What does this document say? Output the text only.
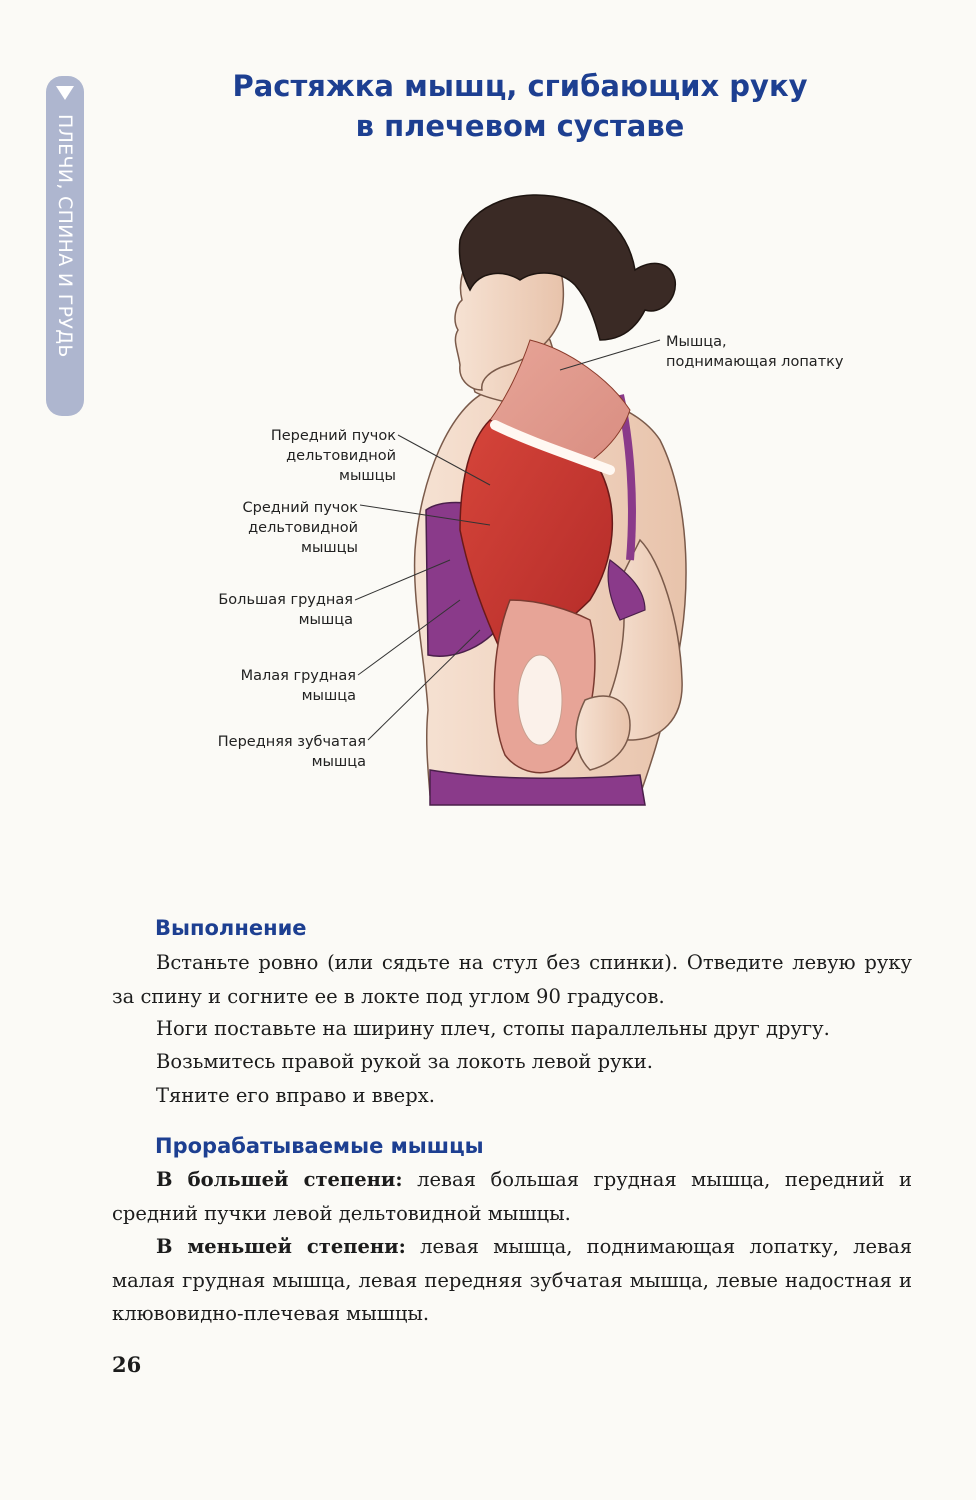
ПЛЕЧИ, СПИНА И ГРУДЬ
Растяжка мышц, сгибающих руку
в плечевом суставе
Мышца,
поднимающая лопатку
Передний пучок
дельтовидной
мышцы
Средний пучок
дельтовидной
мышцы
Большая грудная
мышца
Малая грудная
мышца
Передняя зубчатая
мышца
Выполнение
Встаньте ровно (или сядьте на стул без спинки). Отведите левую руку за спину и согните ее в локте под углом 90 градусов.
Ноги поставьте на ширину плеч, стопы параллельны друг другу.
Возьмитесь правой рукой за локоть левой руки.
Тяните его вправо и вверх.
Прорабатываемые мышцы
В большей степени: левая большая грудная мышца, передний и средний пучки левой дельтовидной мышцы.
В меньшей степени: левая мышца, поднимающая лопатку, левая малая грудная мышца, левая передняя зубчатая мышца, левые надостная и клювовидно-плечевая мышцы.
26
